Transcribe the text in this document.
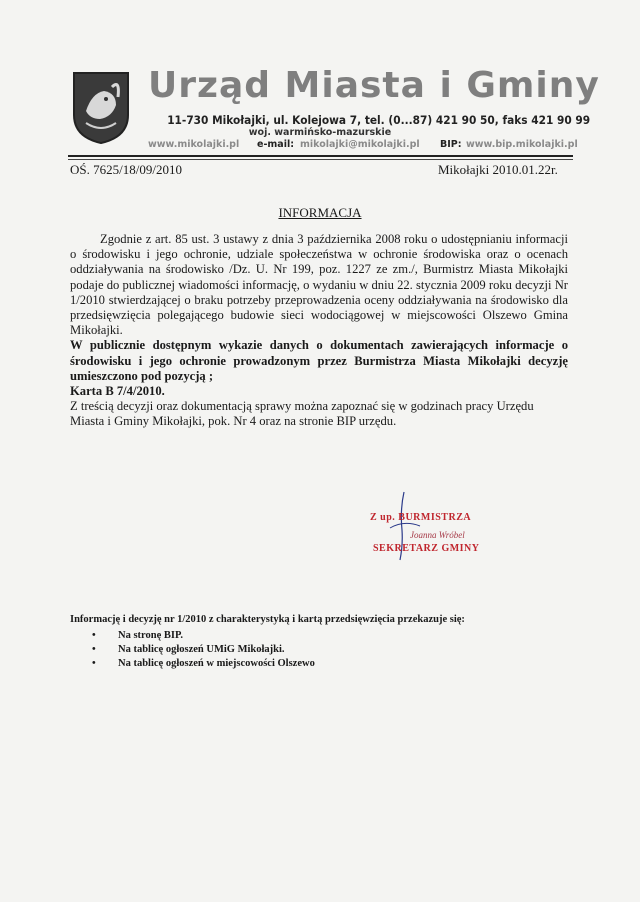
Urząd Miasta i Gminy
11-730 Mikołajki, ul. Kolejowa 7, tel. (0...87) 421 90 50, faks 421 90 99
woj. warmińsko-mazurskie
www.mikolajki.pl e-mail: mikolajki@mikolajki.pl BIP: www.bip.mikolajki.pl
OŚ. 7625/18/09/2010	Mikołajki 2010.01.22r.
INFORMACJA

Zgodnie z art. 85 ust. 3 ustawy z dnia 3 października 2008 roku o udostępnianiu informacji o środowisku i jego ochronie, udziale społeczeństwa w ochronie środowiska oraz o ocenach oddziaływania na środowisko /Dz. U. Nr 199, poz. 1227 ze zm./, Burmistrz Miasta Mikołajki podaje do publicznej wiadomości informację, o wydaniu w dniu 22. stycznia 2009 roku decyzji Nr 1/2010 stwierdzającej o braku potrzeby przeprowadzenia oceny oddziaływania na środowisko dla przedsięwzięcia polegającego budowie sieci wodociągowej w miejscowości Olszewo Gmina Mikołajki.

W publicznie dostępnym wykazie danych o dokumentach zawierających informacje o środowisku i jego ochronie prowadzonym przez Burmistrza Miasta Mikołajki decyzję umieszczono pod pozycją ;

Karta B 7/4/2010.

Z treścią decyzji oraz dokumentacją sprawy można zapoznać się w godzinach pracy Urzędu Miasta i Gminy Mikołajki, pok. Nr 4 oraz na stronie BIP urzędu.

Z up. BURMISTRZA
Joanna Wróbel
SEKRETARZ GMINY
Informację i decyzję nr 1/2010 z charakterystyką i kartą przedsięwzięcia przekazuje się:
• Na stronę BIP.
• Na tablicę ogłoszeń UMiG Mikołajki.
• Na tablicę ogłoszeń w miejscowości Olszewo
